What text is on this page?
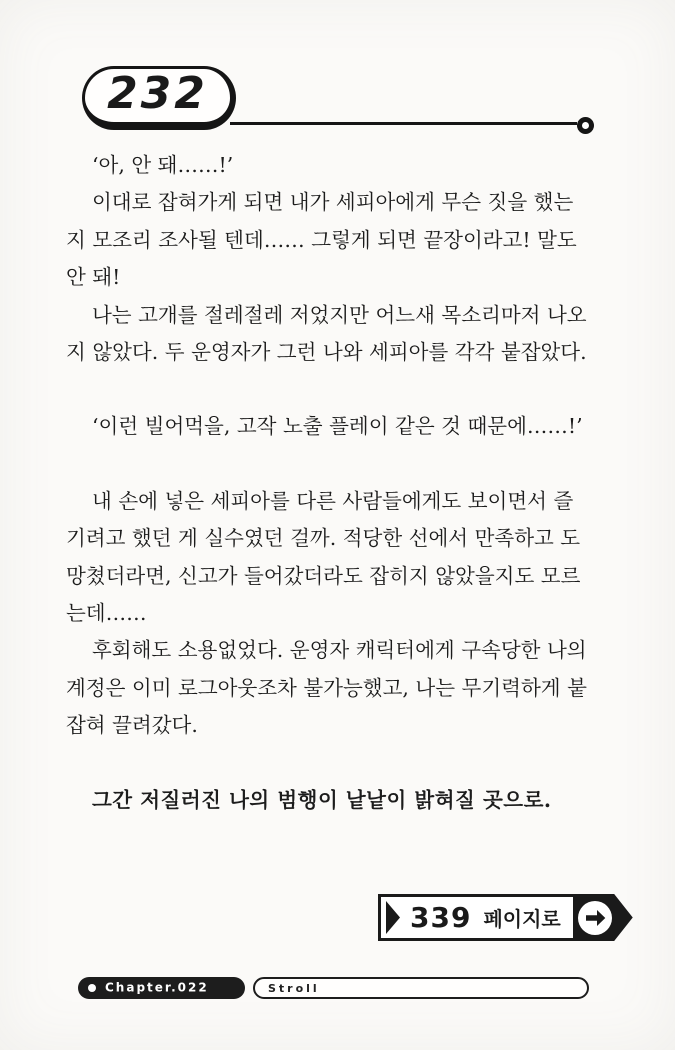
232

‘아, 안 돼……!’

이대로 잡혀가게 되면 내가 세피아에게 무슨 짓을 했는지 모조리 조사될 텐데…… 그렇게 되면 끝장이라고! 말도 안 돼!

나는 고개를 절레절레 저었지만 어느새 목소리마저 나오지 않았다. 두 운영자가 그런 나와 세피아를 각각 붙잡았다.

‘이런 빌어먹을, 고작 노출 플레이 같은 것 때문에……!’

내 손에 넣은 세피아를 다른 사람들에게도 보이면서 즐기려고 했던 게 실수였던 걸까. 적당한 선에서 만족하고 도망쳤더라면, 신고가 들어갔더라도 잡히지 않았을지도 모르는데……

후회해도 소용없었다. 운영자 캐릭터에게 구속당한 나의 계정은 이미 로그아웃조차 불가능했고, 나는 무기력하게 붙잡혀 끌려갔다.

그간 저질러진 나의 범행이 낱낱이 밝혀질 곳으로.

339 페이지로
Chapter.022	Stroll
